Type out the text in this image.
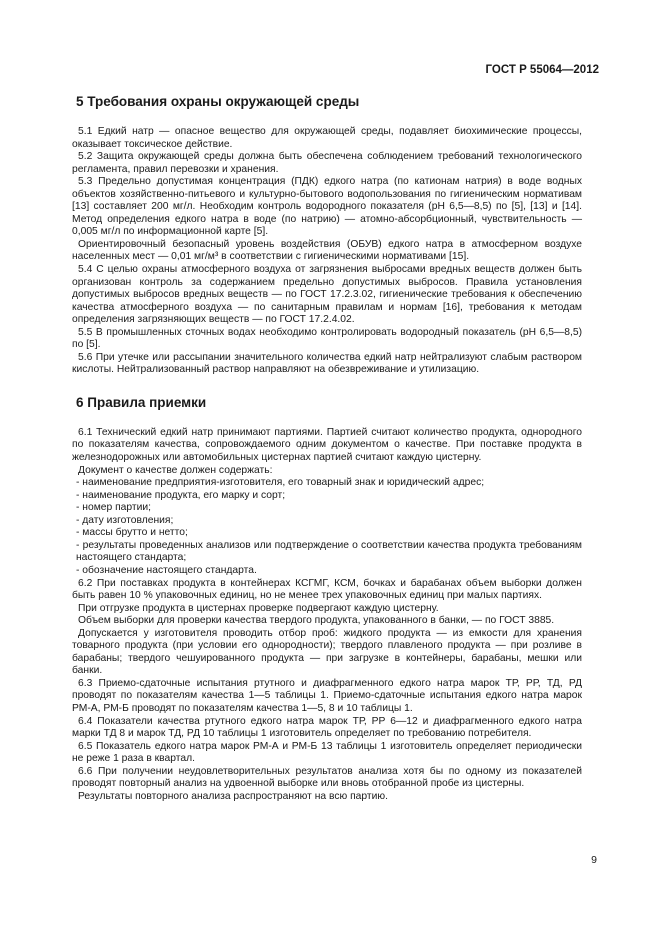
ГОСТ Р 55064—2012
5 Требования охраны окружающей среды

5.1 Едкий натр — опасное вещество для окружающей среды, подавляет биохимические процессы, оказывает токсическое действие.

5.2 Защита окружающей среды должна быть обеспечена соблюдением требований технологического регламента, правил перевозки и хранения.

5.3 Предельно допустимая концентрация (ПДК) едкого натра (по катионам натрия) в воде водных объектов хозяйственно-питьевого и культурно-бытового водопользования по гигиеническим нормативам [13] составляет 200 мг/л. Необходим контроль водородного показателя (рН 6,5—8,5) по [5], [13] и [14]. Метод определения едкого натра в воде (по натрию) — атомно-абсорбционный, чувствительность — 0,005 мг/л по информационной карте [5].

Ориентировочный безопасный уровень воздействия (ОБУВ) едкого натра в атмосферном воздухе населенных мест — 0,01 мг/м³ в соответствии с гигиеническими нормативами [15].

5.4 С целью охраны атмосферного воздуха от загрязнения выбросами вредных веществ должен быть организован контроль за содержанием предельно допустимых выбросов. Правила установления допустимых выбросов вредных веществ — по ГОСТ 17.2.3.02, гигиенические требования к обеспечению качества атмосферного воздуха — по санитарным правилам и нормам [16], требования к методам определения загрязняющих веществ — по ГОСТ 17.2.4.02.

5.5 В промышленных сточных водах необходимо контролировать водородный показатель (рН 6,5—8,5) по [5].

5.6 При утечке или рассыпании значительного количества едкий натр нейтрализуют слабым раствором кислоты. Нейтрализованный раствор направляют на обезвреживание и утилизацию.

6 Правила приемки

6.1 Технический едкий натр принимают партиями. Партией считают количество продукта, однородного по показателям качества, сопровождаемого одним документом о качестве. При поставке продукта в железнодорожных или автомобильных цистернах партией считают каждую цистерну.

Документ о качестве должен содержать:

- наименование предприятия-изготовителя, его товарный знак и юридический адрес;

- наименование продукта, его марку и сорт;

- номер партии;

- дату изготовления;

- массы брутто и нетто;

- результаты проведенных анализов или подтверждение о соответствии качества продукта требованиям настоящего стандарта;

- обозначение настоящего стандарта.

6.2 При поставках продукта в контейнерах КСГМГ, КСМ, бочках и барабанах объем выборки должен быть равен 10 % упаковочных единиц, но не менее трех упаковочных единиц при малых партиях.

При отгрузке продукта в цистернах проверке подвергают каждую цистерну.

Объем выборки для проверки качества твердого продукта, упакованного в банки, — по ГОСТ 3885.

Допускается у изготовителя проводить отбор проб: жидкого продукта — из емкости для хранения товарного продукта (при условии его однородности); твердого плавленого продукта — при розливе в барабаны; твердого чешуированного продукта — при загрузке в контейнеры, барабаны, мешки или банки.

6.3 Приемо-сдаточные испытания ртутного и диафрагменного едкого натра марок ТР, РР, ТД, РД проводят по показателям качества 1—5 таблицы 1. Приемо-сдаточные испытания едкого натра марок РМ-А, РМ-Б проводят по показателям качества 1—5, 8 и 10 таблицы 1.

6.4 Показатели качества ртутного едкого натра марок ТР, РР 6—12 и диафрагменного едкого натра марки ТД 8 и марок ТД, РД 10 таблицы 1 изготовитель определяет по требованию потребителя.

6.5 Показатель едкого натра марок РМ-А и РМ-Б 13 таблицы 1 изготовитель определяет периодически не реже 1 раза в квартал.

6.6 При получении неудовлетворительных результатов анализа хотя бы по одному из показателей проводят повторный анализ на удвоенной выборке или вновь отобранной пробе из цистерны.

Результаты повторного анализа распространяют на всю партию.

9
